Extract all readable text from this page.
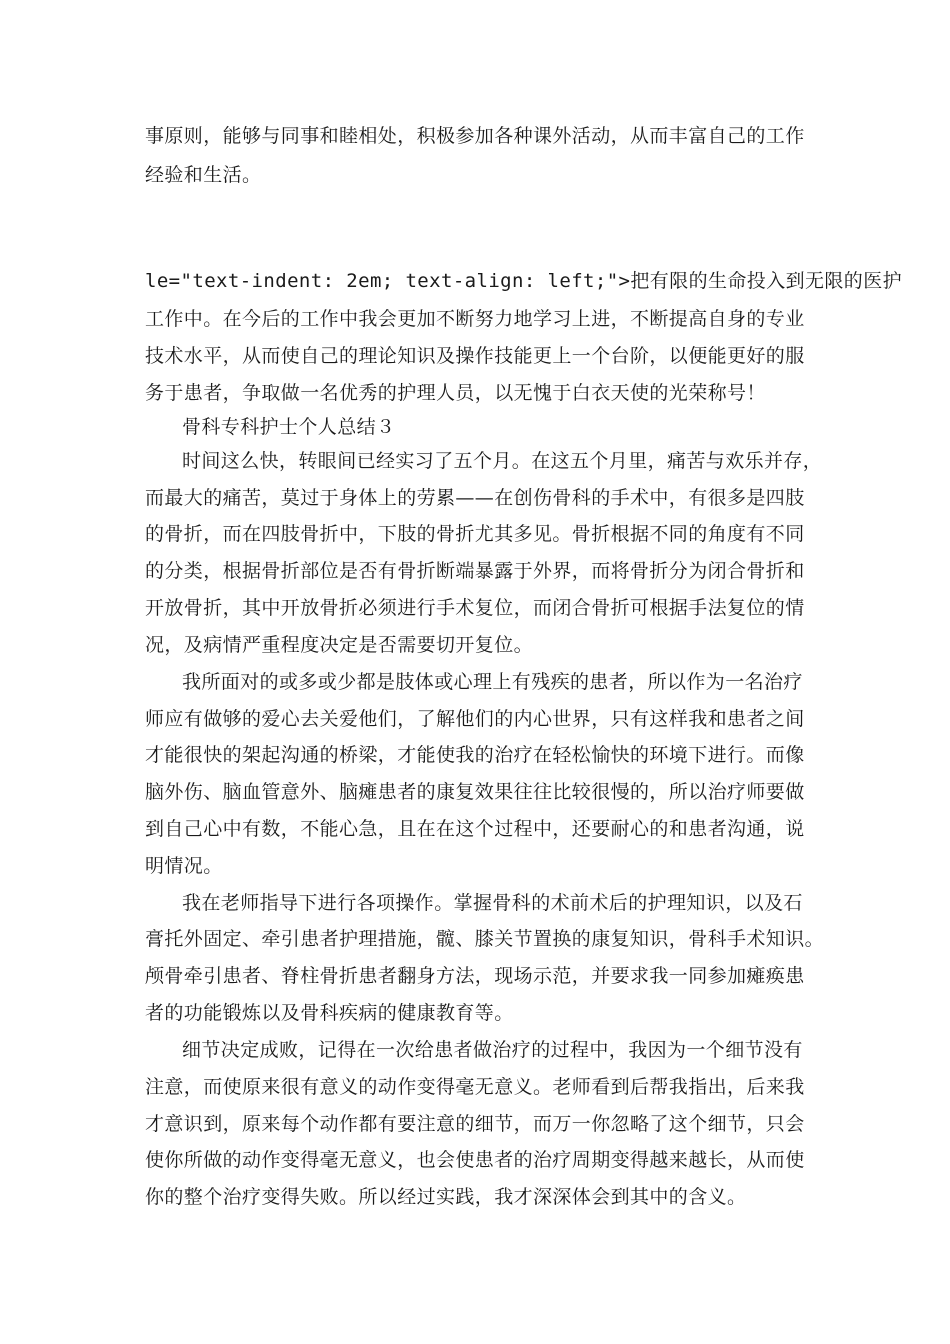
事原则，能够与同事和睦相处，积极参加各种课外活动，从而丰富自己的工作
经验和生活。
le="text-indent: 2em; text-align: left;">把有限的生命投入到无限的医护
工作中。在今后的工作中我会更加不断努力地学习上进，不断提高自身的专业
技术水平，从而使自己的理论知识及操作技能更上一个台阶，以便能更好的服
务于患者，争取做一名优秀的护理人员，以无愧于白衣天使的光荣称号！
骨科专科护士个人总结３
时间这么快，转眼间已经实习了五个月。在这五个月里，痛苦与欢乐并存，
而最大的痛苦，莫过于身体上的劳累——在创伤骨科的手术中，有很多是四肢
的骨折，而在四肢骨折中，下肢的骨折尤其多见。骨折根据不同的角度有不同
的分类，根据骨折部位是否有骨折断端暴露于外界，而将骨折分为闭合骨折和
开放骨折，其中开放骨折必须进行手术复位，而闭合骨折可根据手法复位的情
况，及病情严重程度决定是否需要切开复位。
我所面对的或多或少都是肢体或心理上有残疾的患者，所以作为一名治疗
师应有做够的爱心去关爱他们，了解他们的内心世界，只有这样我和患者之间
才能很快的架起沟通的桥梁，才能使我的治疗在轻松愉快的环境下进行。而像
脑外伤、脑血管意外、脑瘫患者的康复效果往往比较很慢的，所以治疗师要做
到自己心中有数，不能心急，且在在这个过程中，还要耐心的和患者沟通，说
明情况。
我在老师指导下进行各项操作。掌握骨科的术前术后的护理知识，以及石
膏托外固定、牵引患者护理措施，髋、膝关节置换的康复知识，骨科手术知识。
颅骨牵引患者、脊柱骨折患者翻身方法，现场示范，并要求我一同参加瘫痪患
者的功能锻炼以及骨科疾病的健康教育等。
细节决定成败，记得在一次给患者做治疗的过程中，我因为一个细节没有
注意，而使原来很有意义的动作变得毫无意义。老师看到后帮我指出，后来我
才意识到，原来每个动作都有要注意的细节，而万一你忽略了这个细节，只会
使你所做的动作变得毫无意义，也会使患者的治疗周期变得越来越长，从而使
你的整个治疗变得失败。所以经过实践，我才深深体会到其中的含义。
